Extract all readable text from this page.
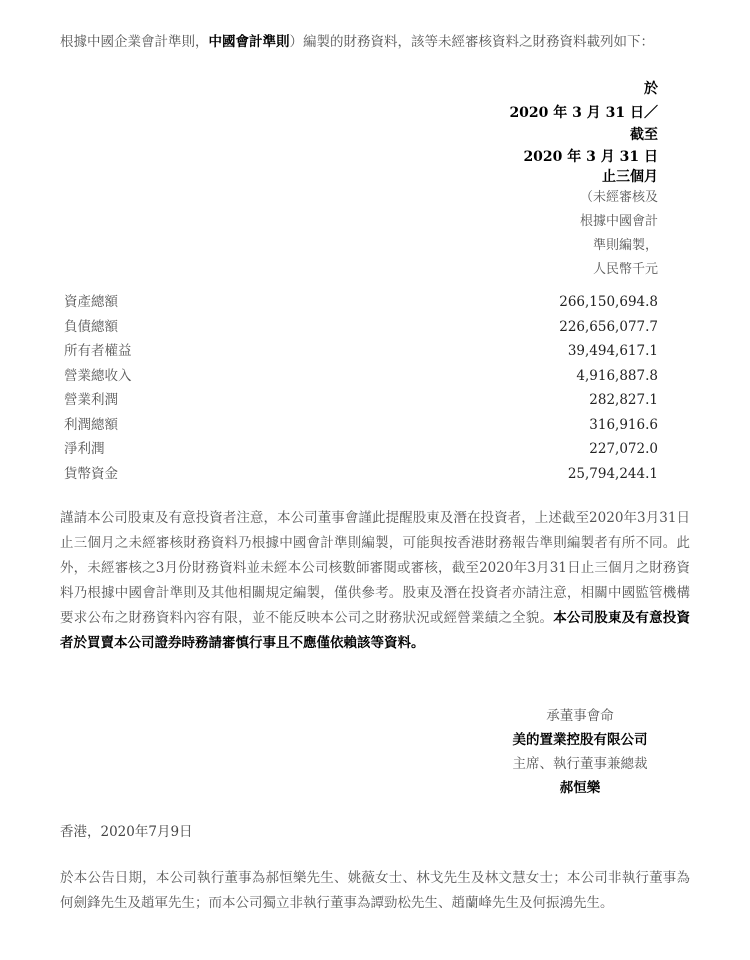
根據中國企業會計準則，中國會計準則）編製的財務資料，該等未經審核資料之財務資料載列如下：
於
2020 年 3 月 31 日／
截至
2020 年 3 月 31 日
止三個月
（未經審核及
根據中國會計
準則編製，
人民幣千元
資產總額	266,150,694.8
負債總額	226,656,077.7
所有者權益	39,494,617.1
營業總收入	4,916,887.8
營業利潤	282,827.1
利潤總額	316,916.6
淨利潤	227,072.0
貨幣資金	25,794,244.1
謹請本公司股東及有意投資者注意，本公司董事會謹此提醒股東及潛在投資者，上述截至2020年3月31日止三個月之未經審核財務資料乃根據中國會計準則編製，可能與按香港財務報告準則編製者有所不同。此外，未經審核之3月份財務資料並未經本公司核數師審閱或審核，截至2020年3月31日止三個月之財務資料乃根據中國會計準則及其他相關規定編製，僅供參考。股東及潛在投資者亦請注意，相關中國監管機構要求公布之財務資料內容有限，並不能反映本公司之財務狀況或經營業績之全貌。本公司股東及有意投資者於買賣本公司證券時務請審慎行事且不應僅依賴該等資料。
承董事會命
美的置業控股有限公司
主席、執行董事兼總裁
郝恒樂
香港，2020年7月9日
於本公告日期，本公司執行董事為郝恒樂先生、姚薇女士、林戈先生及林文慧女士；本公司非執行董事為何劍鋒先生及趙軍先生；而本公司獨立非執行董事為譚勁松先生、趙蘭峰先生及何振鴻先生。
